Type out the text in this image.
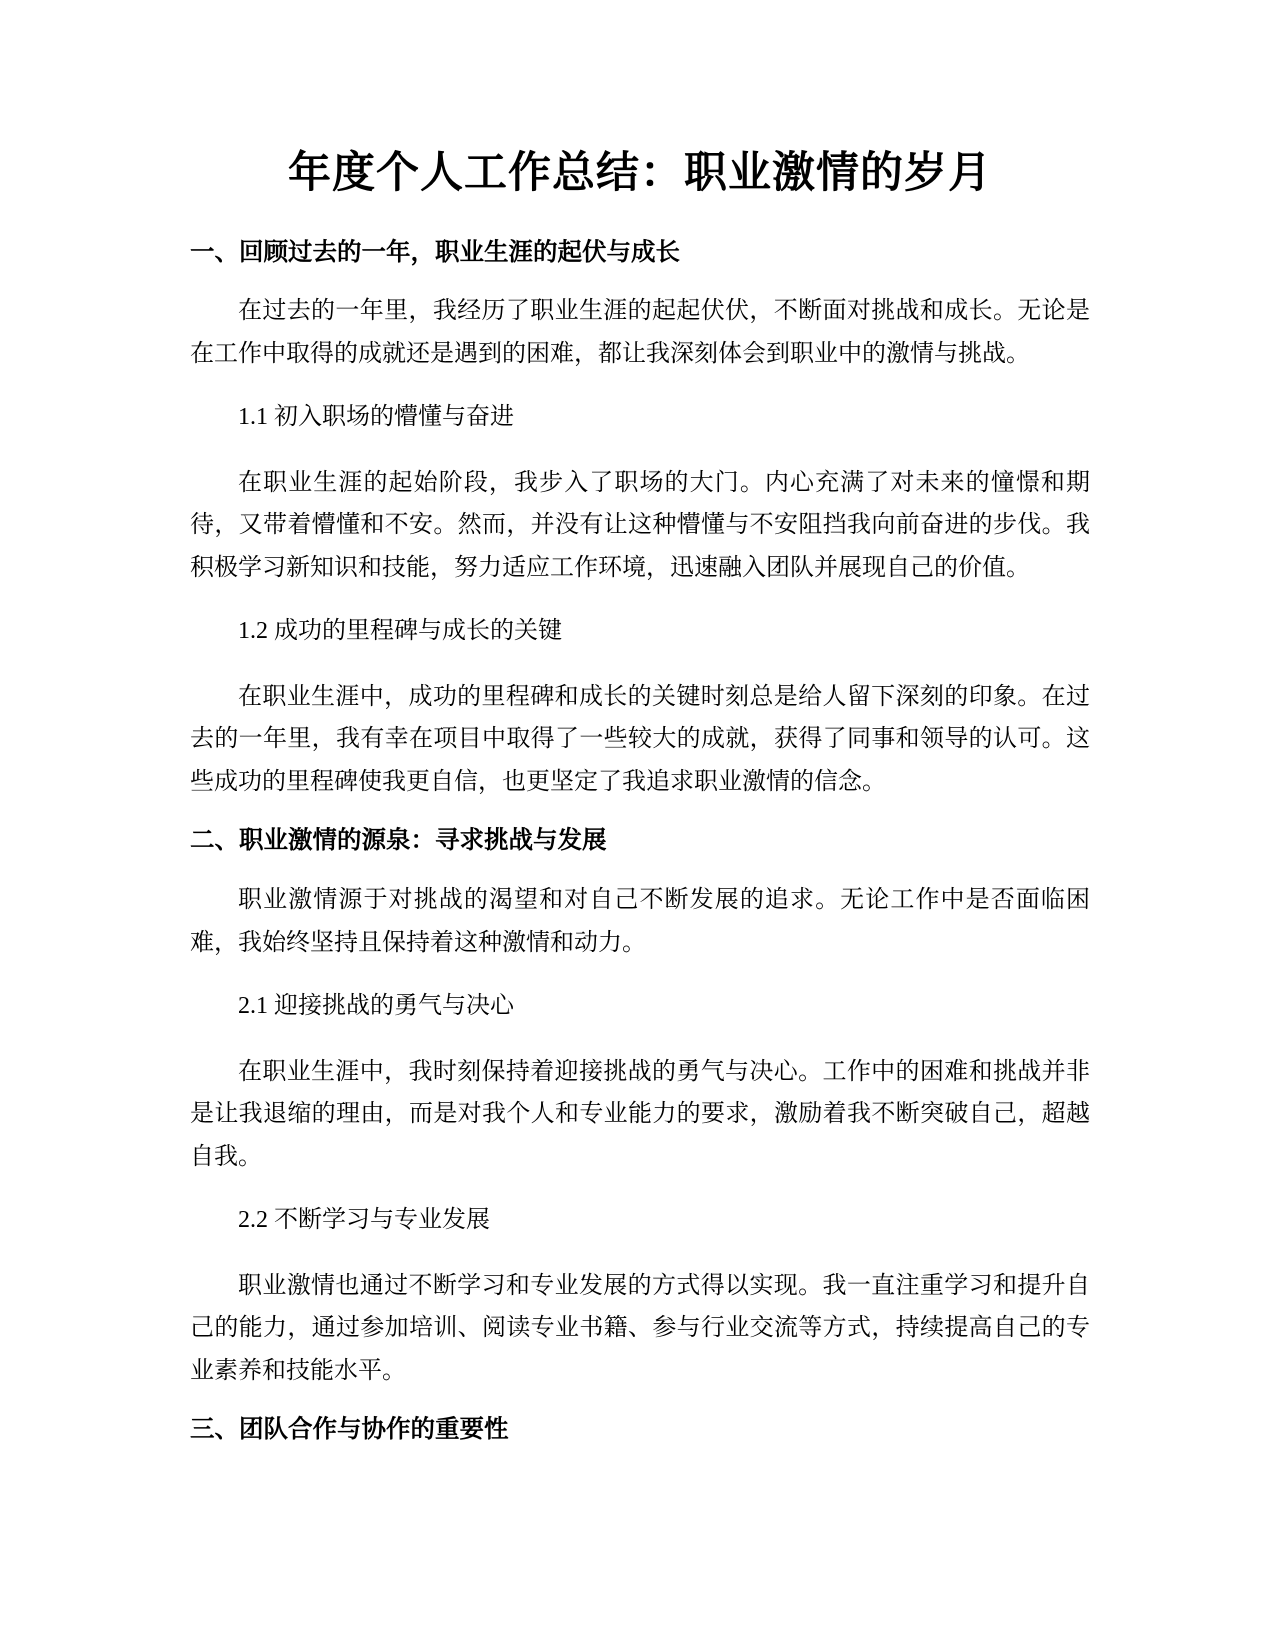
年度个人工作总结：职业激情的岁月
一、回顾过去的一年，职业生涯的起伏与成长

在过去的一年里，我经历了职业生涯的起起伏伏，不断面对挑战和成长。无论是在工作中取得的成就还是遇到的困难，都让我深刻体会到职业中的激情与挑战。

1.1 初入职场的懵懂与奋进

在职业生涯的起始阶段，我步入了职场的大门。内心充满了对未来的憧憬和期待，又带着懵懂和不安。然而，并没有让这种懵懂与不安阻挡我向前奋进的步伐。我积极学习新知识和技能，努力适应工作环境，迅速融入团队并展现自己的价值。

1.2 成功的里程碑与成长的关键

在职业生涯中，成功的里程碑和成长的关键时刻总是给人留下深刻的印象。在过去的一年里，我有幸在项目中取得了一些较大的成就，获得了同事和领导的认可。这些成功的里程碑使我更自信，也更坚定了我追求职业激情的信念。

二、职业激情的源泉：寻求挑战与发展

职业激情源于对挑战的渴望和对自己不断发展的追求。无论工作中是否面临困难，我始终坚持且保持着这种激情和动力。

2.1 迎接挑战的勇气与决心

在职业生涯中，我时刻保持着迎接挑战的勇气与决心。工作中的困难和挑战并非是让我退缩的理由，而是对我个人和专业能力的要求，激励着我不断突破自己，超越自我。

2.2 不断学习与专业发展

职业激情也通过不断学习和专业发展的方式得以实现。我一直注重学习和提升自己的能力，通过参加培训、阅读专业书籍、参与行业交流等方式，持续提高自己的专业素养和技能水平。

三、团队合作与协作的重要性
